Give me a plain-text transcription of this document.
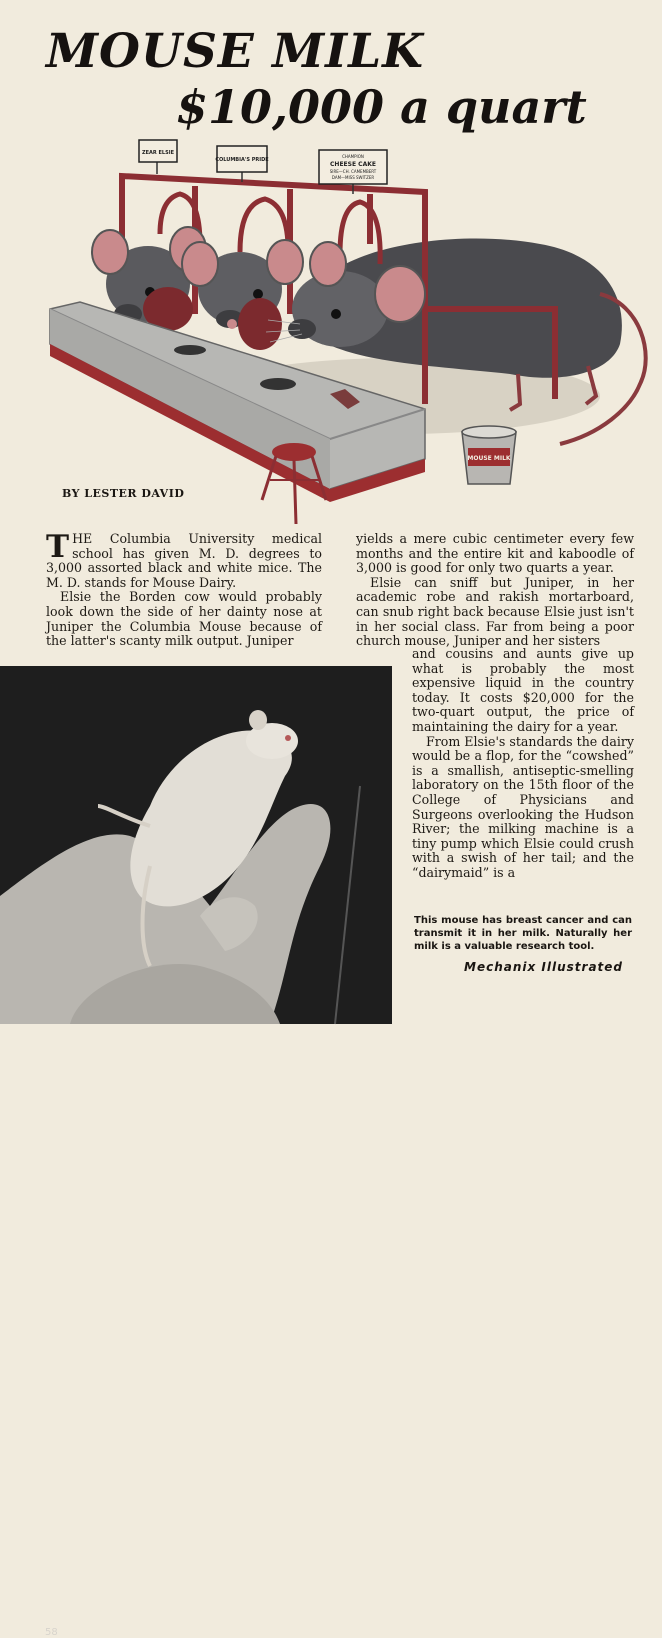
MOUSE MILK
$10,000 a quart
ZEAR ELSIE
COLUMBIA'S PRIDE
CHAMPION
CHEESE CAKE
SIRE—CH. CAMEMBERT
DAM—MISS SWITZER
MOUSE MILK
BY LESTER DAVID

THE Columbia University medical school has given M. D. degrees to 3,000 assorted black and white mice. The M. D. stands for Mouse Dairy.

Elsie the Borden cow would probably look down the side of her dainty nose at Juniper the Columbia Mouse because of the latter's scanty milk output. Juniper

yields a mere cubic centimeter every few months and the entire kit and kaboodle of 3,000 is good for only two quarts a year.

Elsie can sniff but Juniper, in her academic robe and rakish mortarboard, can snub right back because Elsie just isn't in her social class. Far from being a poor church mouse, Juniper and her sisters

and cousins and aunts give up what is probably the most expensive liquid in the country today. It costs $20,000 for the two-quart output, the price of maintaining the dairy for a year.

From Elsie's standards the dairy would be a flop, for the “cowshed” is a smallish, antiseptic-smelling laboratory on the 15th floor of the College of Physicians and Surgeons overlooking the Hudson River; the milking machine is a tiny pump which Elsie could crush with a swish of her tail; and the “dairymaid” is a

58
This mouse has breast cancer and can transmit it in her milk. Naturally her milk is a valuable research tool.
Mechanix Illustrated
